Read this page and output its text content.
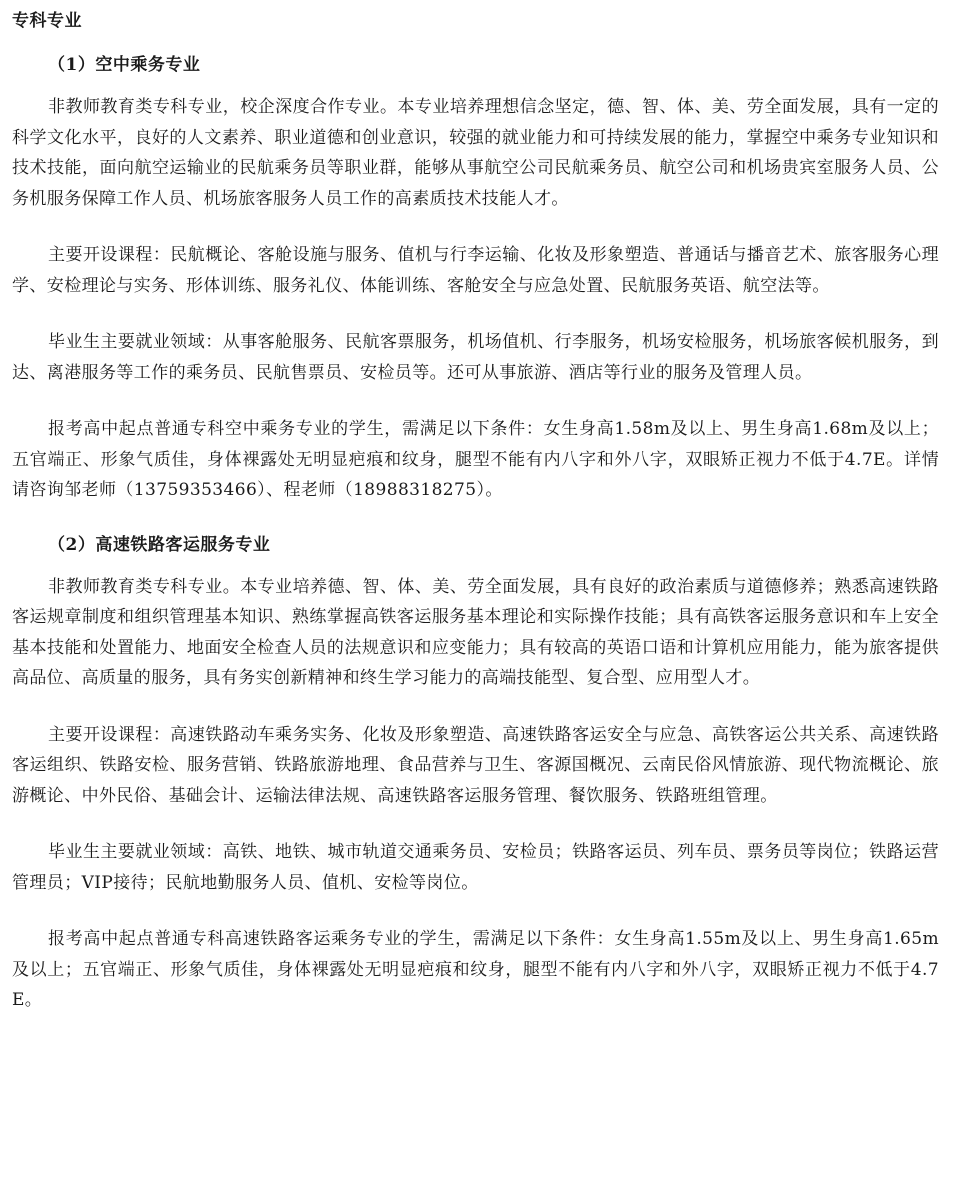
专科专业
（1）空中乘务专业

非教师教育类专科专业，校企深度合作专业。本专业培养理想信念坚定，德、智、体、美、劳全面发展，具有一定的科学文化水平，良好的人文素养、职业道德和创业意识，较强的就业能力和可持续发展的能力，掌握空中乘务专业知识和技术技能，面向航空运输业的民航乘务员等职业群，能够从事航空公司民航乘务员、航空公司和机场贵宾室服务人员、公务机服务保障工作人员、机场旅客服务人员工作的高素质技术技能人才。

主要开设课程：民航概论、客舱设施与服务、值机与行李运输、化妆及形象塑造、普通话与播音艺术、旅客服务心理学、安检理论与实务、形体训练、服务礼仪、体能训练、客舱安全与应急处置、民航服务英语、航空法等。

毕业生主要就业领域：从事客舱服务、民航客票服务，机场值机、行李服务，机场安检服务，机场旅客候机服务，到达、离港服务等工作的乘务员、民航售票员、安检员等。还可从事旅游、酒店等行业的服务及管理人员。

报考高中起点普通专科空中乘务专业的学生，需满足以下条件：女生身高1.58m及以上、男生身高1.68m及以上；五官端正、形象气质佳，身体裸露处无明显疤痕和纹身，腿型不能有内八字和外八字，双眼矫正视力不低于4.7E。详情请咨询邹老师（13759353466）、程老师（18988318275）。

（2）高速铁路客运服务专业

非教师教育类专科专业。本专业培养德、智、体、美、劳全面发展，具有良好的政治素质与道德修养；熟悉高速铁路客运规章制度和组织管理基本知识、熟练掌握高铁客运服务基本理论和实际操作技能；具有高铁客运服务意识和车上安全基本技能和处置能力、地面安全检查人员的法规意识和应变能力；具有较高的英语口语和计算机应用能力，能为旅客提供高品位、高质量的服务，具有务实创新精神和终生学习能力的高端技能型、复合型、应用型人才。

主要开设课程：高速铁路动车乘务实务、化妆及形象塑造、高速铁路客运安全与应急、高铁客运公共关系、高速铁路客运组织、铁路安检、服务营销、铁路旅游地理、食品营养与卫生、客源国概况、云南民俗风情旅游、现代物流概论、旅游概论、中外民俗、基础会计、运输法律法规、高速铁路客运服务管理、餐饮服务、铁路班组管理。

毕业生主要就业领域：高铁、地铁、城市轨道交通乘务员、安检员；铁路客运员、列车员、票务员等岗位；铁路运营管理员；VIP接待；民航地勤服务人员、值机、安检等岗位。

报考高中起点普通专科高速铁路客运乘务专业的学生，需满足以下条件：女生身高1.55m及以上、男生身高1.65m及以上；五官端正、形象气质佳，身体裸露处无明显疤痕和纹身，腿型不能有内八字和外八字，双眼矫正视力不低于4.7E。
